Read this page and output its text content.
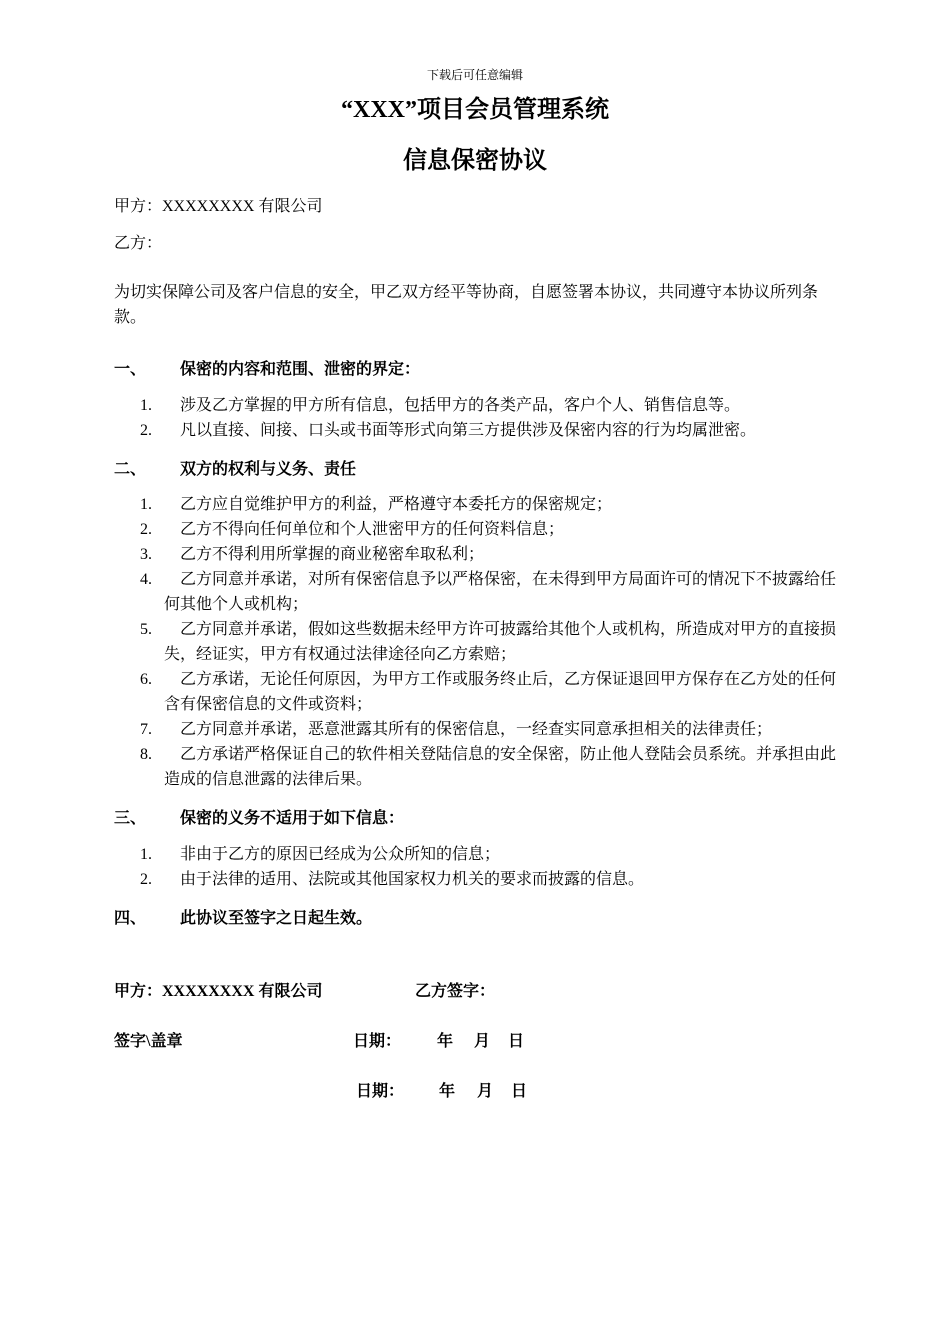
下载后可任意编辑
“XXX”项目会员管理系统
信息保密协议
甲方：XXXXXXXX 有限公司
乙方：
为切实保障公司及客户信息的安全，甲乙双方经平等协商，自愿签署本协议，共同遵守本协议所列条款。
一、 保密的内容和范围、泄密的界定：
1.	涉及乙方掌握的甲方所有信息，包括甲方的各类产品，客户个人、销售信息等。
2.	凡以直接、间接、口头或书面等形式向第三方提供涉及保密内容的行为均属泄密。
二、 双方的权利与义务、责任
1.	乙方应自觉维护甲方的利益，严格遵守本委托方的保密规定；
2.	乙方不得向任何单位和个人泄密甲方的任何资料信息；
3.	乙方不得利用所掌握的商业秘密牟取私利；
4.	乙方同意并承诺，对所有保密信息予以严格保密，在未得到甲方局面许可的情况下不披露给任何其他个人或机构；
5.	乙方同意并承诺，假如这些数据未经甲方许可披露给其他个人或机构，所造成对甲方的直接损失，经证实，甲方有权通过法律途径向乙方索赔；
6.	乙方承诺，无论任何原因，为甲方工作或服务终止后，乙方保证退回甲方保存在乙方处的任何含有保密信息的文件或资料；
7.	乙方同意并承诺，恶意泄露其所有的保密信息，一经查实同意承担相关的法律责任；
8.	乙方承诺严格保证自己的软件相关登陆信息的安全保密，防止他人登陆会员系统。并承担由此造成的信息泄露的法律后果。
三、 保密的义务不适用于如下信息：
1.	非由于乙方的原因已经成为公众所知的信息；
2.	由于法律的适用、法院或其他国家权力机关的要求而披露的信息。
四、 此协议至签字之日起生效。
甲方：XXXXXXXX 有限公司	乙方签字：
签字\盖章	日期： 年 月 日
日期： 年 月 日
